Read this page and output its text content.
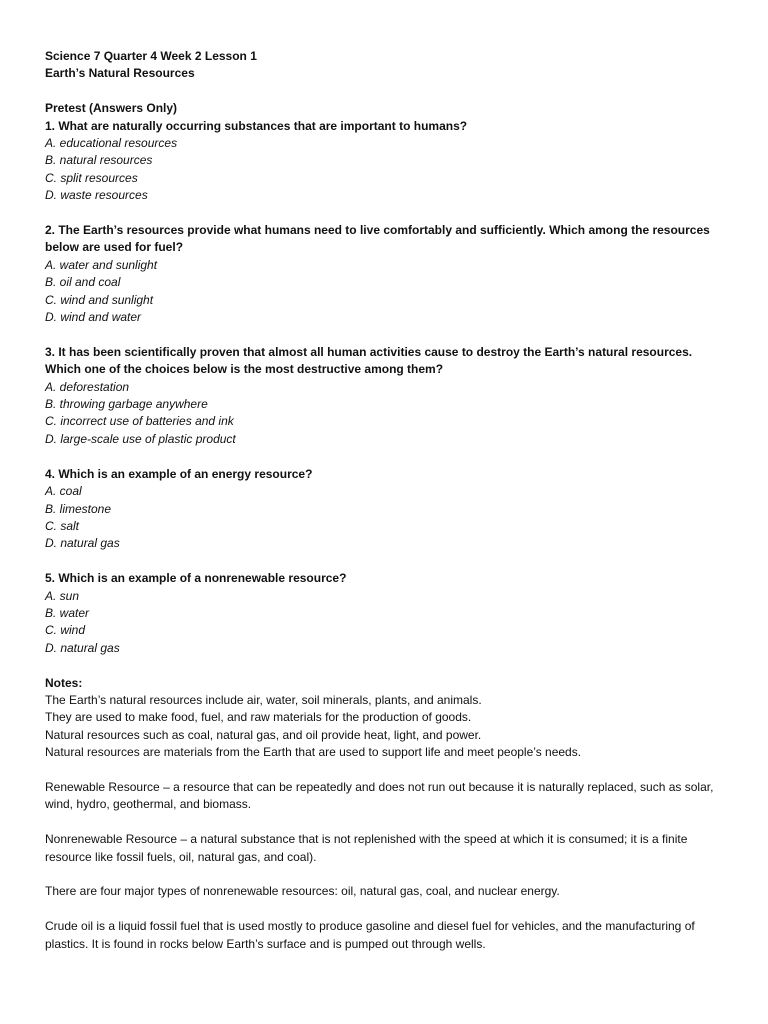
Science 7 Quarter 4 Week 2 Lesson 1
Earth’s Natural Resources
Pretest (Answers Only)
1. What are naturally occurring substances that are important to humans?
A. educational resources
B. natural resources
C. split resources
D. waste resources
2. The Earth’s resources provide what humans need to live comfortably and sufficiently. Which among the resources below are used for fuel?
A. water and sunlight
B. oil and coal
C. wind and sunlight
D. wind and water
3. It has been scientifically proven that almost all human activities cause to destroy the Earth’s natural resources. Which one of the choices below is the most destructive among them?
A. deforestation
B. throwing garbage anywhere
C. incorrect use of batteries and ink
D. large-scale use of plastic product
4. Which is an example of an energy resource?
A. coal
B. limestone
C. salt
D. natural gas
5. Which is an example of a nonrenewable resource?
A. sun
B. water
C. wind
D. natural gas
Notes:
The Earth’s natural resources include air, water, soil minerals, plants, and animals.
They are used to make food, fuel, and raw materials for the production of goods.
Natural resources such as coal, natural gas, and oil provide heat, light, and power.
Natural resources are materials from the Earth that are used to support life and meet people’s needs.
Renewable Resource – a resource that can be repeatedly and does not run out because it is naturally replaced, such as solar, wind, hydro, geothermal, and biomass.
Nonrenewable Resource – a natural substance that is not replenished with the speed at which it is consumed; it is a finite resource like fossil fuels, oil, natural gas, and coal).
There are four major types of nonrenewable resources: oil, natural gas, coal, and nuclear energy.
Crude oil is a liquid fossil fuel that is used mostly to produce gasoline and diesel fuel for vehicles, and the manufacturing of plastics. It is found in rocks below Earth’s surface and is pumped out through wells.
